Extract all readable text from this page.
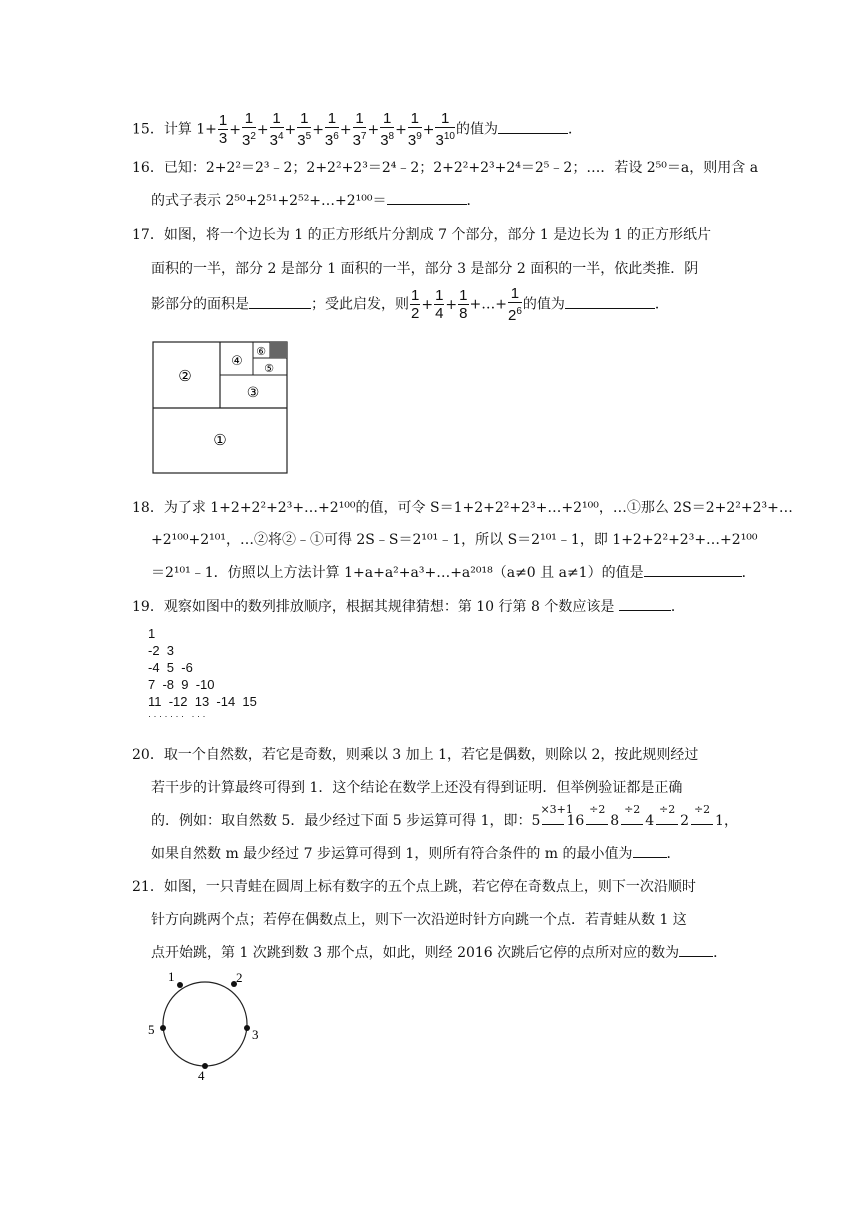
15．计算 $1+ \frac{1}{3} + \frac{1}{3^2} + \frac{1}{3^4} + \frac{1}{3^5} + \frac{1}{3^6} + \frac{1}{3^7} + \frac{1}{3^8} + \frac{1}{3^9} + \frac{1}{3^{10}}$ 的值为	．
16．已知：2+2²＝2³﹣2；2+2²+2³＝2⁴﹣2；2+2²+2³+2⁴＝2⁵﹣2；…．若设 2⁵⁰＝a，则用含 a
的式子表示 2⁵⁰+2⁵¹+2⁵²+…+2¹⁰⁰＝	．
17．如图，将一个边长为 1 的正方形纸片分割成 7 个部分，部分 1 是边长为 1 的正方形纸片
面积的一半，部分 2 是部分 1 面积的一半，部分 3 是部分 2 面积的一半，依此类推．阴
影部分的面积是	；受此启发，则 $\frac{1}{2} + \frac{1}{4} + \frac{1}{8}$ +…+ $\frac{1}{2^6}$ 的值为	．
①
②
③
④ ⑤
⑥
18．为了求 1+2+2²+2³+…+2¹⁰⁰的值，可令 S＝1+2+2²+2³+…+2¹⁰⁰，…①那么 2S＝2+2²+2³+…
+2¹⁰⁰+2¹⁰¹，…②将②﹣①可得 2S﹣S＝2¹⁰¹﹣1，所以 S＝2¹⁰¹﹣1，即 1+2+2²+2³+…+2¹⁰⁰
＝2¹⁰¹﹣1．仿照以上方法计算 1+a+a²+a³+…+a²⁰¹⁸（a≠0 且 a≠1）的值是	．
19．观察如图中的数列排放顺序，根据其规律猜想：第 10 行第 8 个数应该是	．
1
-2  3
-4  5  -6
7  -8  9  -10
11  -12  13  -14  15
· · · · · · ·   · · ·
20．取一个自然数，若它是奇数，则乘以 3 加上 1，若它是偶数，则除以 2，按此规则经过
若干步的计算最终可得到 1．这个结论在数学上还没有得到证明．但举例验证都是正确
的．例如：取自然数 5．最少经过下面 5 步运算可得 1，即：5
×3+1
16
÷2
8
÷2
4
÷2
2
÷2
1，
如果自然数 m 最少经过 7 步运算可得到 1，则所有符合条件的 m 的最小值为 ．
21．如图，一只青蛙在圆周上标有数字的五个点上跳，若它停在奇数点上，则下一次沿顺时
针方向跳两个点；若停在偶数点上，则下一次沿逆时针方向跳一个点．若青蛙从数 1 这
点开始跳，第 1 次跳到数 3 那个点，如此，则经 2016 次跳后它停的点所对应的数为 ．
1	2
3
4
5
